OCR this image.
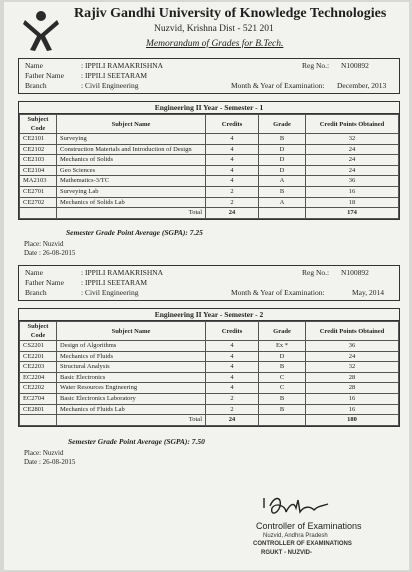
Rajiv Gandhi University of Knowledge Technologies
Nuzvid, Krishna Dist - 521 201
Memorandum of Grades for B.Tech.
Name	: IPPILI RAMAKRISHNA	Reg No.: N100892
Father Name : IPPILI SEETARAM
Branch	: Civil Engineering	Month & Year of Examination: December, 2013
Engineering II Year - Semester - 1
Subject Code	Subject Name	Credits	Grade	Credit Points Obtained
CE2101	Surveying	4	B	32
CE2102	Construction Materials and Introduction of Design	4	D	24
CE2103	Mechanics of Solids	4	D	24
CE2104	Geo Sciences	4	D	24
MA2103	Mathematics-3/TC	4	A	36
CE2701	Surveying Lab	2	B	16
CE2702	Mechanics of Solids Lab	2	A	18
	Total	24		174
Semester Grade Point Average (SGPA): 7.25
Place: Nuzvid
Date : 26-08-2015
Name	: IPPILI RAMAKRISHNA	Reg No.: N100892
Father Name : IPPILI SEETARAM
Branch	: Civil Engineering	Month & Year of Examination:	May, 2014
Engineering II Year - Semester - 2
Subject Code	Subject Name	Credits	Grade	Credit Points Obtained
CS2201	Design of Algorithms	4	Ex *	36
CE2201	Mechanics of Fluids	4	D	24
CE2203	Structural Analysis	4	B	32
EC2204	Basic Electronics	4	C	28
CE2202	Water Resources Engineering	4	C	28
EC2704	Basic Electronics Laboratory	2	B	16
CE2801	Mechanics of Fluids Lab	2	B	16
	Total	24		180
Semester Grade Point Average (SGPA): 7.50
Place: Nuzvid
Date : 26-08-2015
Controller of Examinations
Nuzvid, Andhra Pradesh
CONTROLLER OF EXAMINATIONS
RGUKT - NUZVID-
